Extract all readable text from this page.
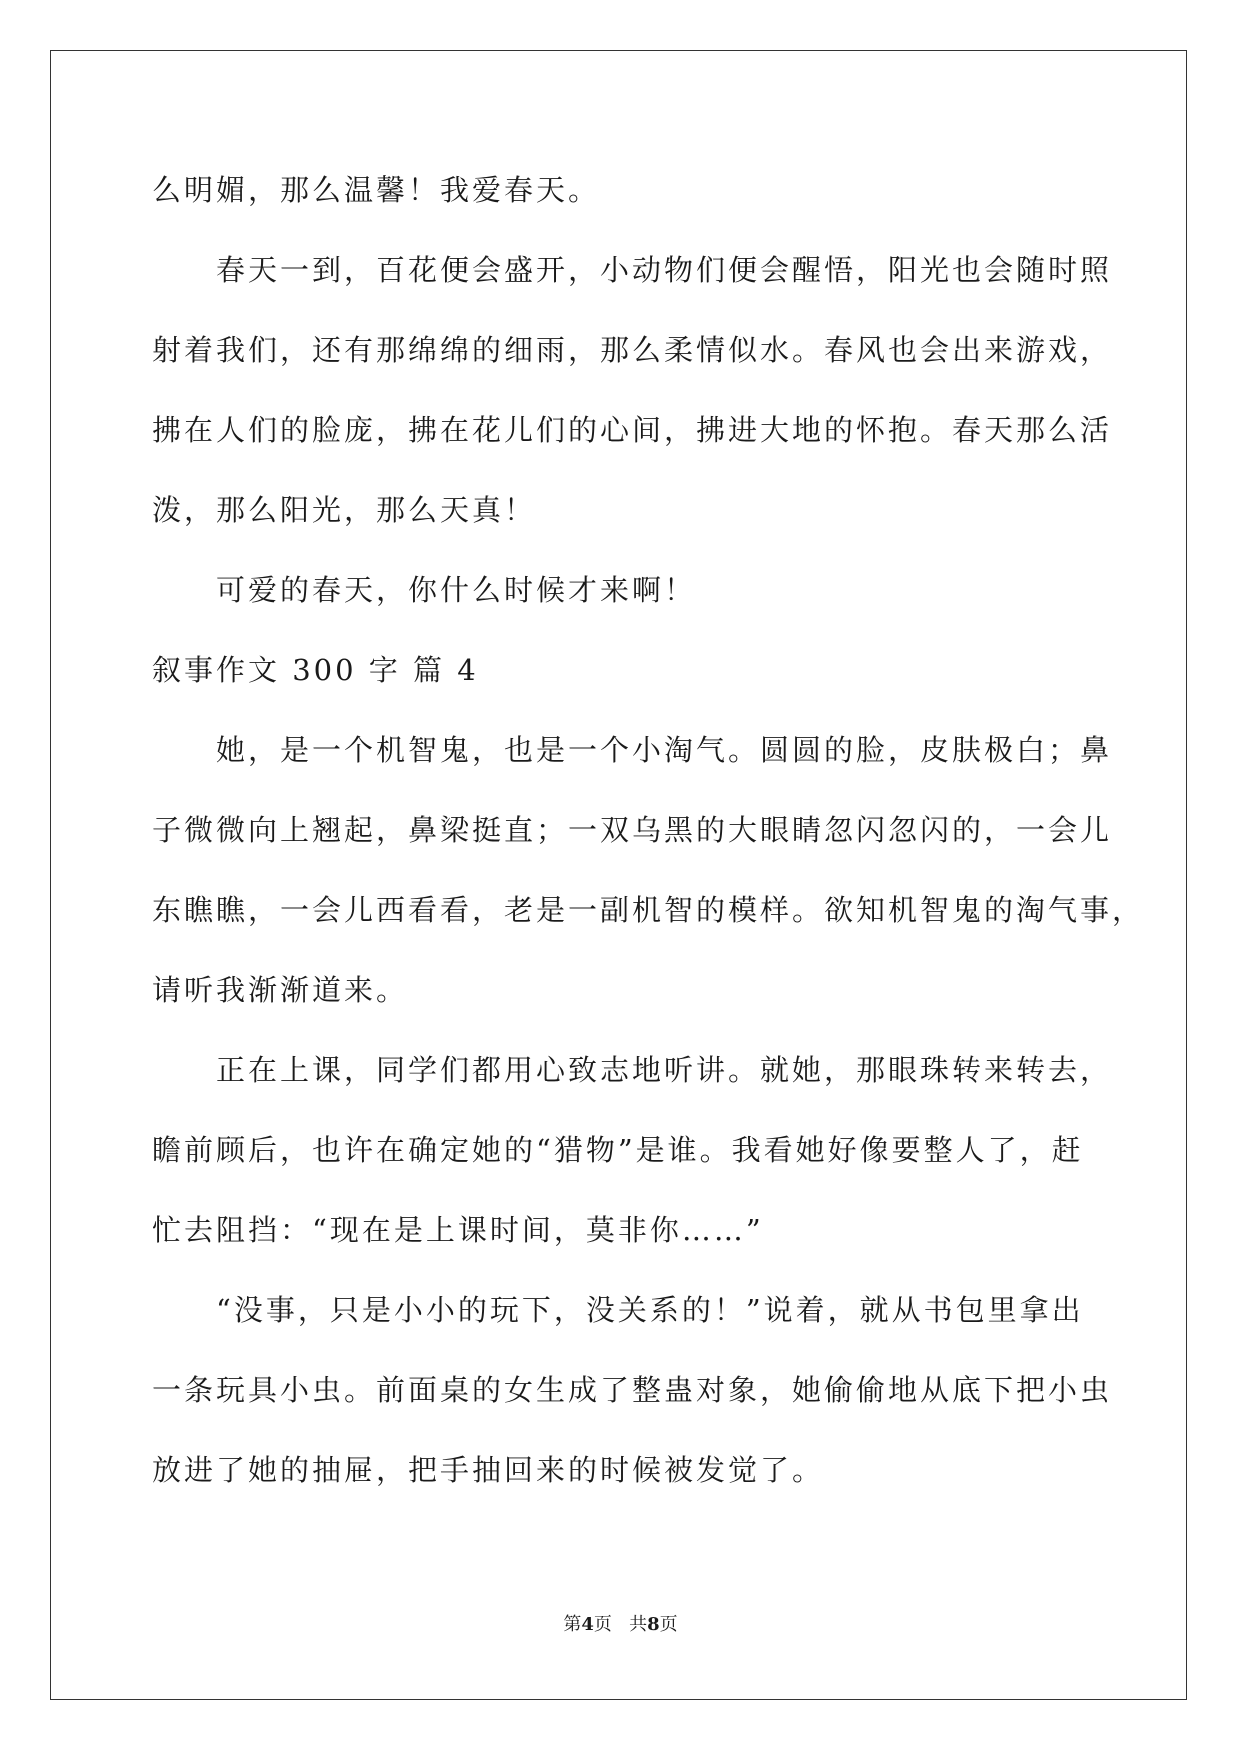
么明媚，那么温馨！我爱春天。
　　春天一到，百花便会盛开，小动物们便会醒悟，阳光也会随时照
射着我们，还有那绵绵的细雨，那么柔情似水。春风也会出来游戏，
拂在人们的脸庞，拂在花儿们的心间，拂进大地的怀抱。春天那么活
泼，那么阳光，那么天真！
　　可爱的春天，你什么时候才来啊！
叙事作文 300 字 篇 4
　　她，是一个机智鬼，也是一个小淘气。圆圆的脸，皮肤极白；鼻
子微微向上翘起，鼻梁挺直；一双乌黑的大眼睛忽闪忽闪的，一会儿
东瞧瞧，一会儿西看看，老是一副机智的模样。欲知机智鬼的淘气事，
请听我渐渐道来。
　　正在上课，同学们都用心致志地听讲。就她，那眼珠转来转去，
瞻前顾后，也许在确定她的“猎物”是谁。我看她好像要整人了，赶
忙去阻挡：“现在是上课时间，莫非你……”
　　“没事，只是小小的玩下，没关系的！”说着，就从书包里拿出
一条玩具小虫。前面桌的女生成了整蛊对象，她偷偷地从底下把小虫
放进了她的抽屉，把手抽回来的时候被发觉了。
第4页 共8页
